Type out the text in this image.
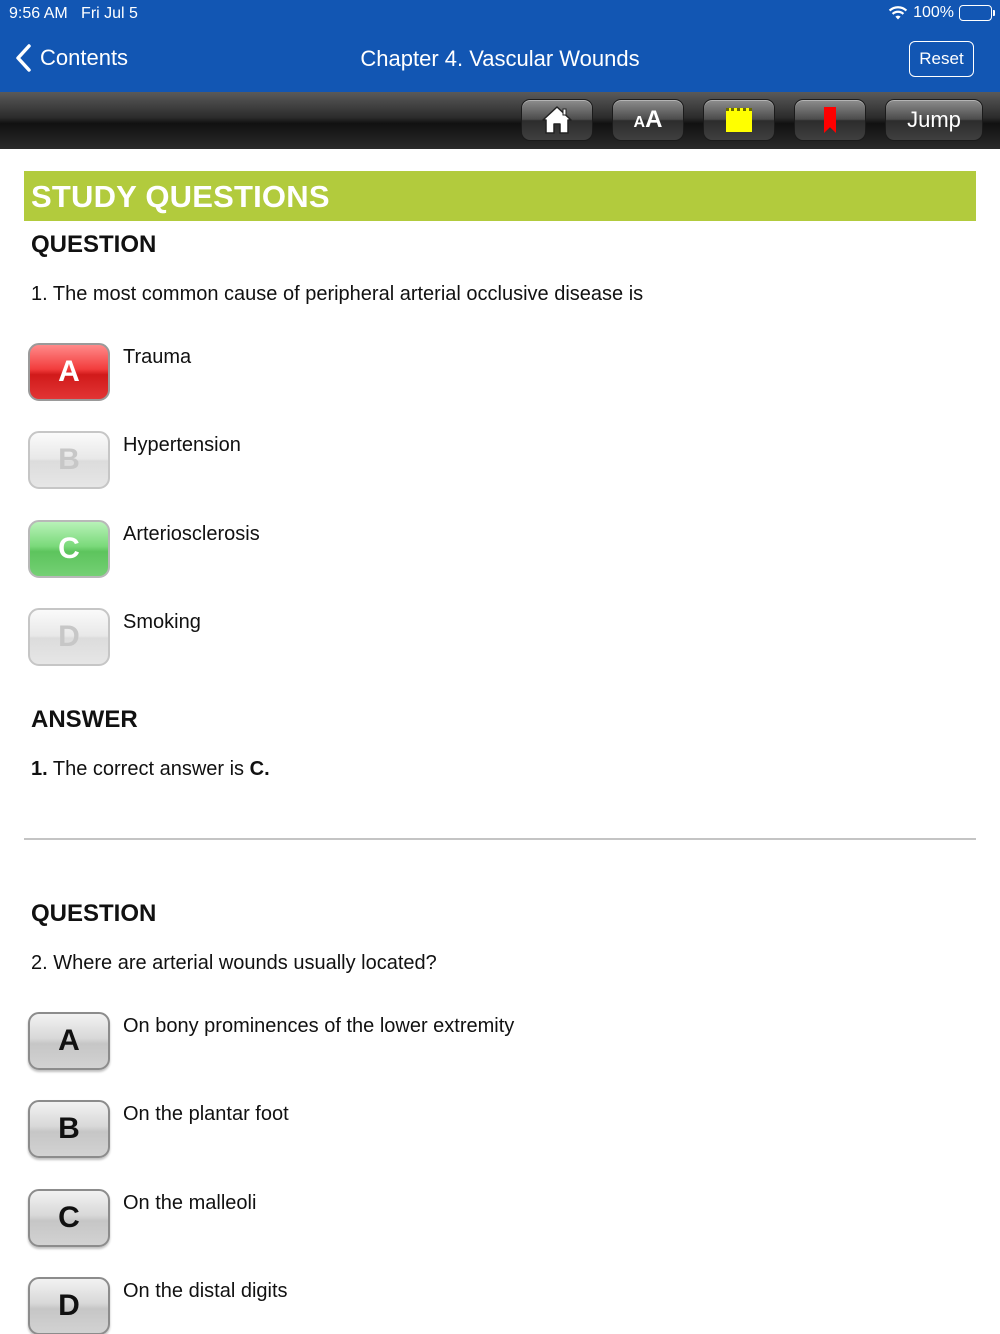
9:56 AM Fri Jul 5	100%
Contents	Chapter 4. Vascular Wounds	Reset
AA	Jump
STUDY QUESTIONS
QUESTION
1. The most common cause of peripheral arterial occlusive disease is
A	Trauma
B	Hypertension
C	Arteriosclerosis
D	Smoking
ANSWER
1. The correct answer is C.
QUESTION
2. Where are arterial wounds usually located?
A	On bony prominences of the lower extremity
B	On the plantar foot
C	On the malleoli
D	On the distal digits
